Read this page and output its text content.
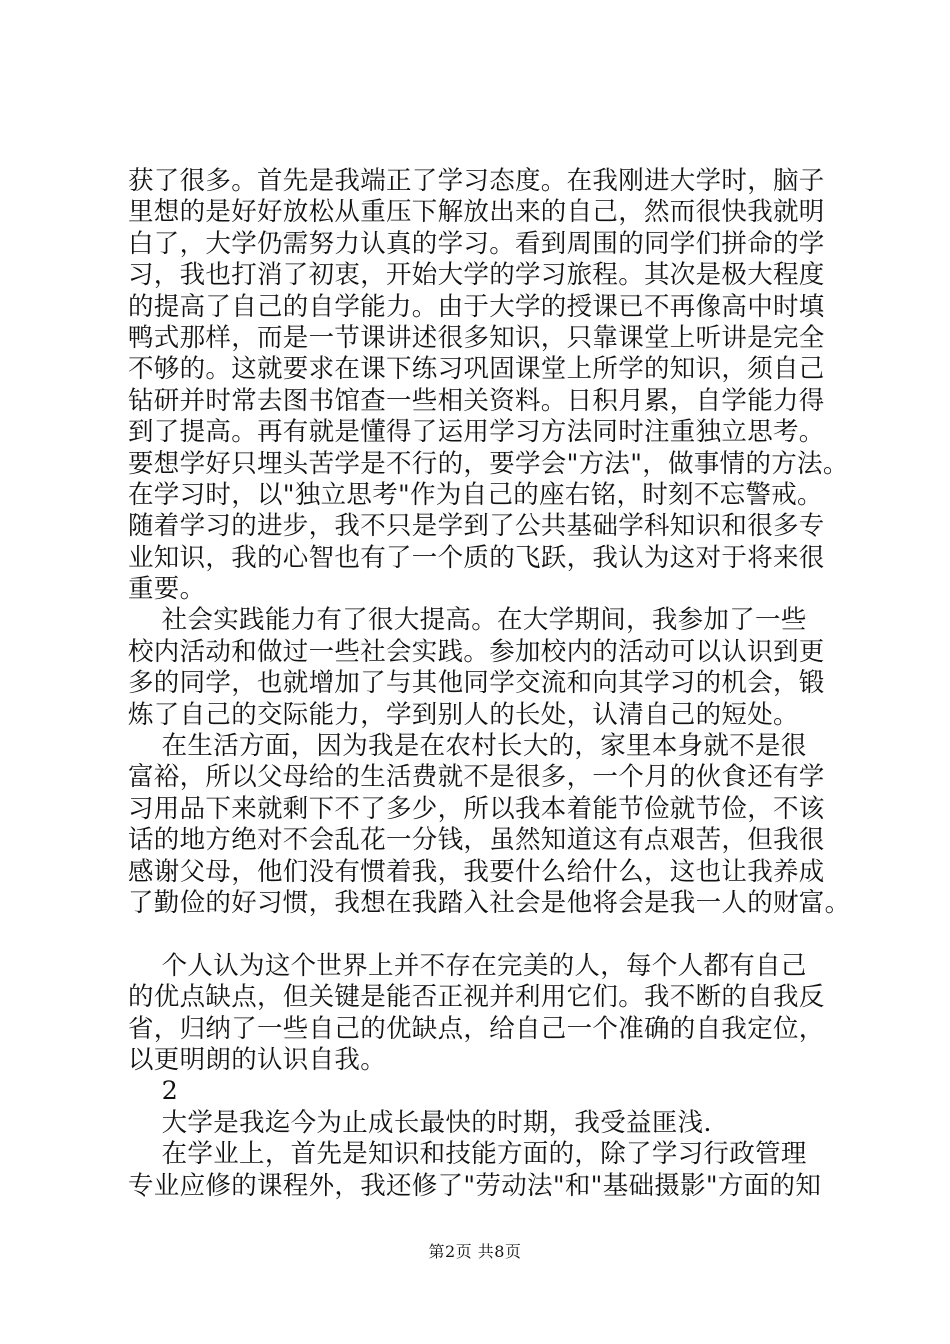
获了很多。首先是我端正了学习态度。在我刚进大学时，脑子
里想的是好好放松从重压下解放出来的自己，然而很快我就明
白了，大学仍需努力认真的学习。看到周围的同学们拼命的学
习，我也打消了初衷，开始大学的学习旅程。其次是极大程度
的提高了自己的自学能力。由于大学的授课已不再像高中时填
鸭式那样，而是一节课讲述很多知识，只靠课堂上听讲是完全
不够的。这就要求在课下练习巩固课堂上所学的知识，须自己
钻研并时常去图书馆查一些相关资料。日积月累，自学能力得
到了提高。再有就是懂得了运用学习方法同时注重独立思考。
要想学好只埋头苦学是不行的，要学会"方法"，做事情的方法。
在学习时，以"独立思考"作为自己的座右铭，时刻不忘警戒。
随着学习的进步，我不只是学到了公共基础学科知识和很多专
业知识，我的心智也有了一个质的飞跃，我认为这对于将来很
重要。
社会实践能力有了很大提高。在大学期间，我参加了一些
校内活动和做过一些社会实践。参加校内的活动可以认识到更
多的同学，也就增加了与其他同学交流和向其学习的机会，锻
炼了自己的交际能力，学到别人的长处，认清自己的短处。
在生活方面，因为我是在农村长大的，家里本身就不是很
富裕，所以父母给的生活费就不是很多，一个月的伙食还有学
习用品下来就剩下不了多少，所以我本着能节俭就节俭，不该
话的地方绝对不会乱花一分钱，虽然知道这有点艰苦，但我很
感谢父母，他们没有惯着我，我要什么给什么，这也让我养成
了勤俭的好习惯，我想在我踏入社会是他将会是我一人的财富。
个人认为这个世界上并不存在完美的人，每个人都有自己
的优点缺点，但关键是能否正视并利用它们。我不断的自我反
省，归纳了一些自己的优缺点，给自己一个准确的自我定位，
以更明朗的认识自我。
2
大学是我迄今为止成长最快的时期，我受益匪浅.
在学业上，首先是知识和技能方面的，除了学习行政管理
专业应修的课程外，我还修了"劳动法"和"基础摄影"方面的知
第2页 共8页
